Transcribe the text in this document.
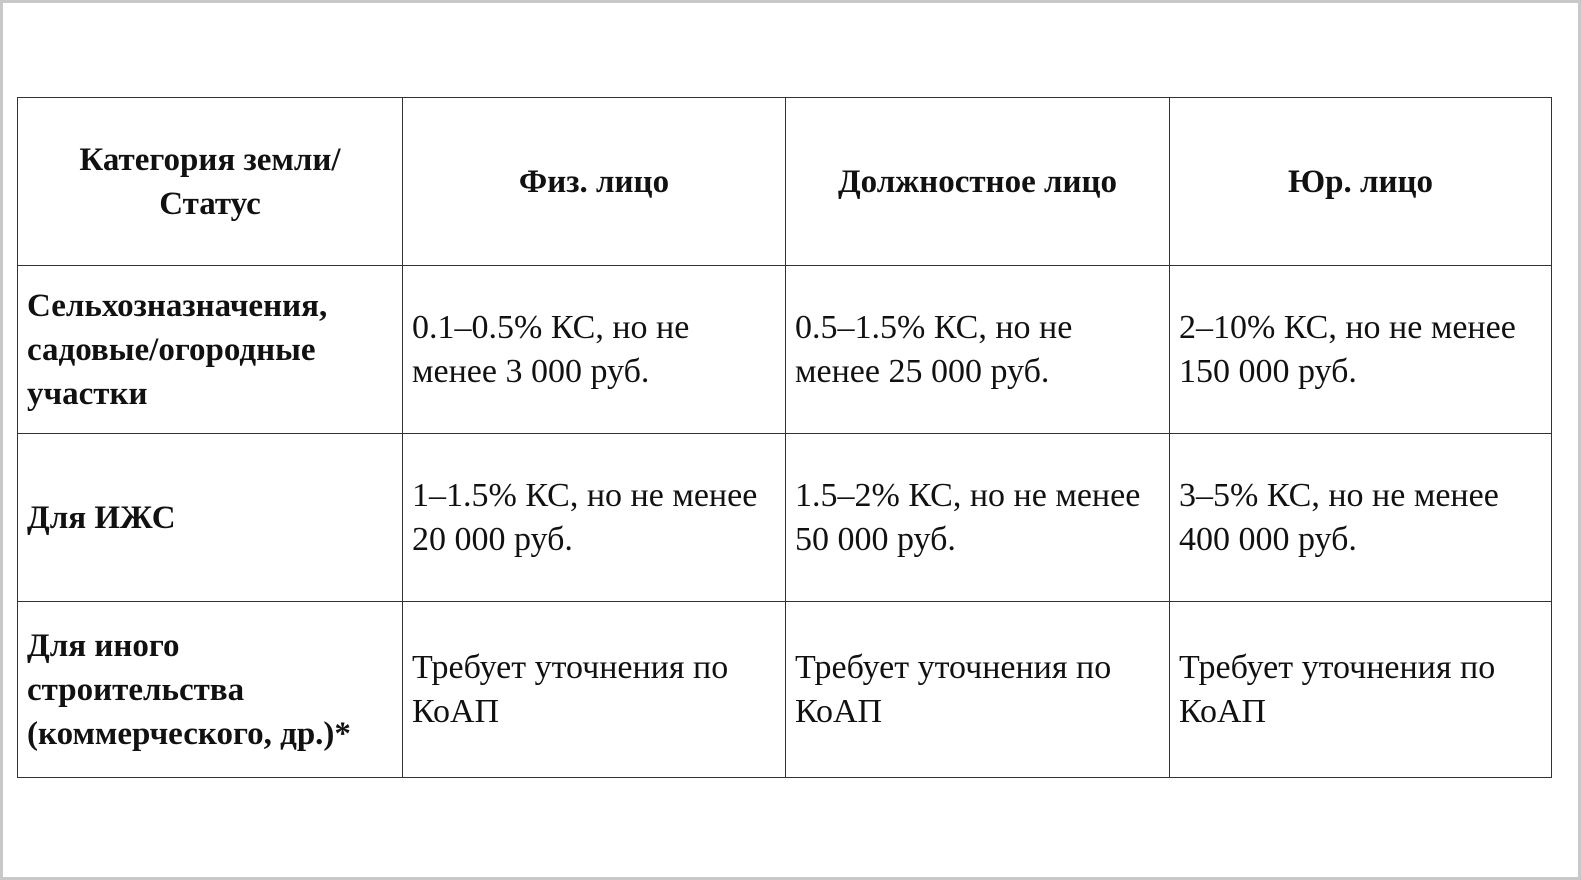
Категория земли/ Статус	Физ. лицо	Должностное лицо	Юр. лицо
Сельхозназначения, садовые/огородные участки	0.1–0.5% КС, но не менее 3 000 руб.	0.5–1.5% КС, но не менее 25 000 руб.	2–10% КС, но не менее 150 000 руб.
Для ИЖС	1–1.5% КС, но не менее 20 000 руб.	1.5–2% КС, но не менее 50 000 руб.	3–5% КС, но не менее 400 000 руб.
Для иного строительства (коммерческого, др.)*	Требует уточнения по КоАП	Требует уточнения по КоАП	Требует уточнения по КоАП
